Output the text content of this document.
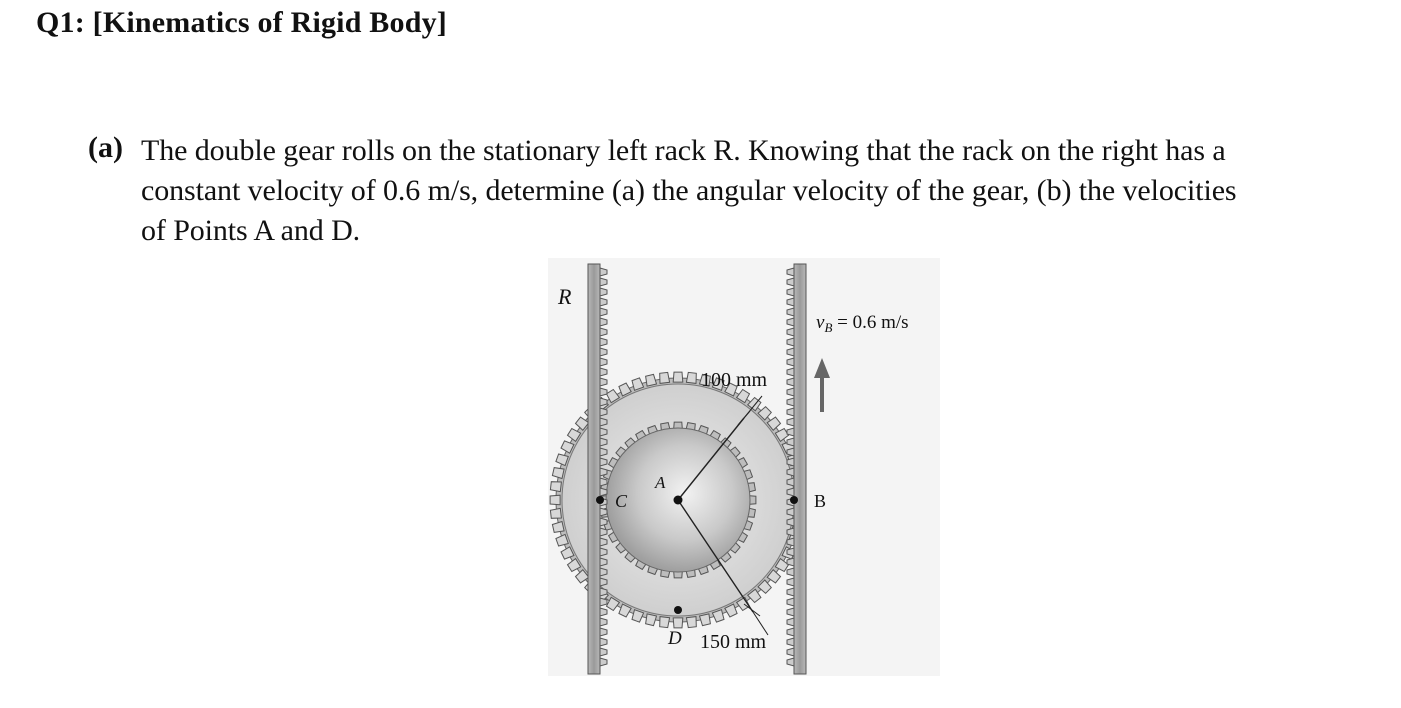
Q1: [Kinematics of Rigid Body]
(a) The double gear rolls on the stationary left rack R. Knowing that the rack on the right has a
constant velocity of 0.6 m/s, determine (a) the angular velocity of the gear, (b) the velocities
of Points A and D.
R
$v_B = 0.6$ m/s
100 mm
150 mm
A
B
C
D
